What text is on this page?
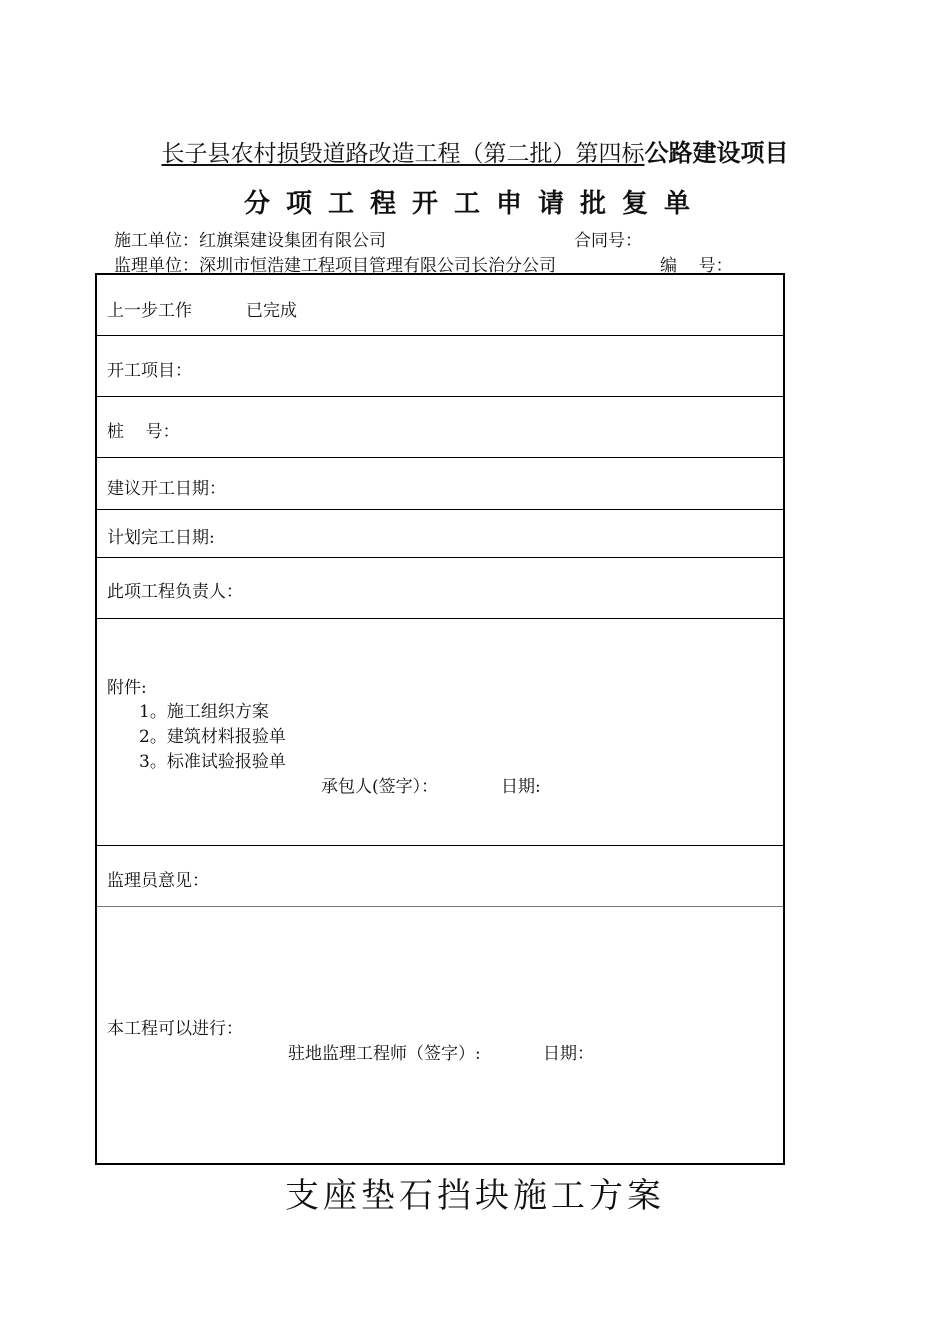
长子县农村损毁道路改造工程（第二批）第四标公路建设项目
分项工程开工申请批复单
施工单位：红旗渠建设集团有限公司	合同号：
监理单位：深圳市恒浩建工程项目管理有限公司长治分公司	编    号：
上一步工作	已完成
开工项目：
桩    号：
建议开工日期：
计划完工日期:
此项工程负责人：
附件:
1。施工组织方案
2。建筑材料报验单
3。标准试验报验单
承包人(签字）：	日期:
监理员意见：
本工程可以进行：
驻地监理工程师（签字）:	日期：
支座垫石挡块施工方案
